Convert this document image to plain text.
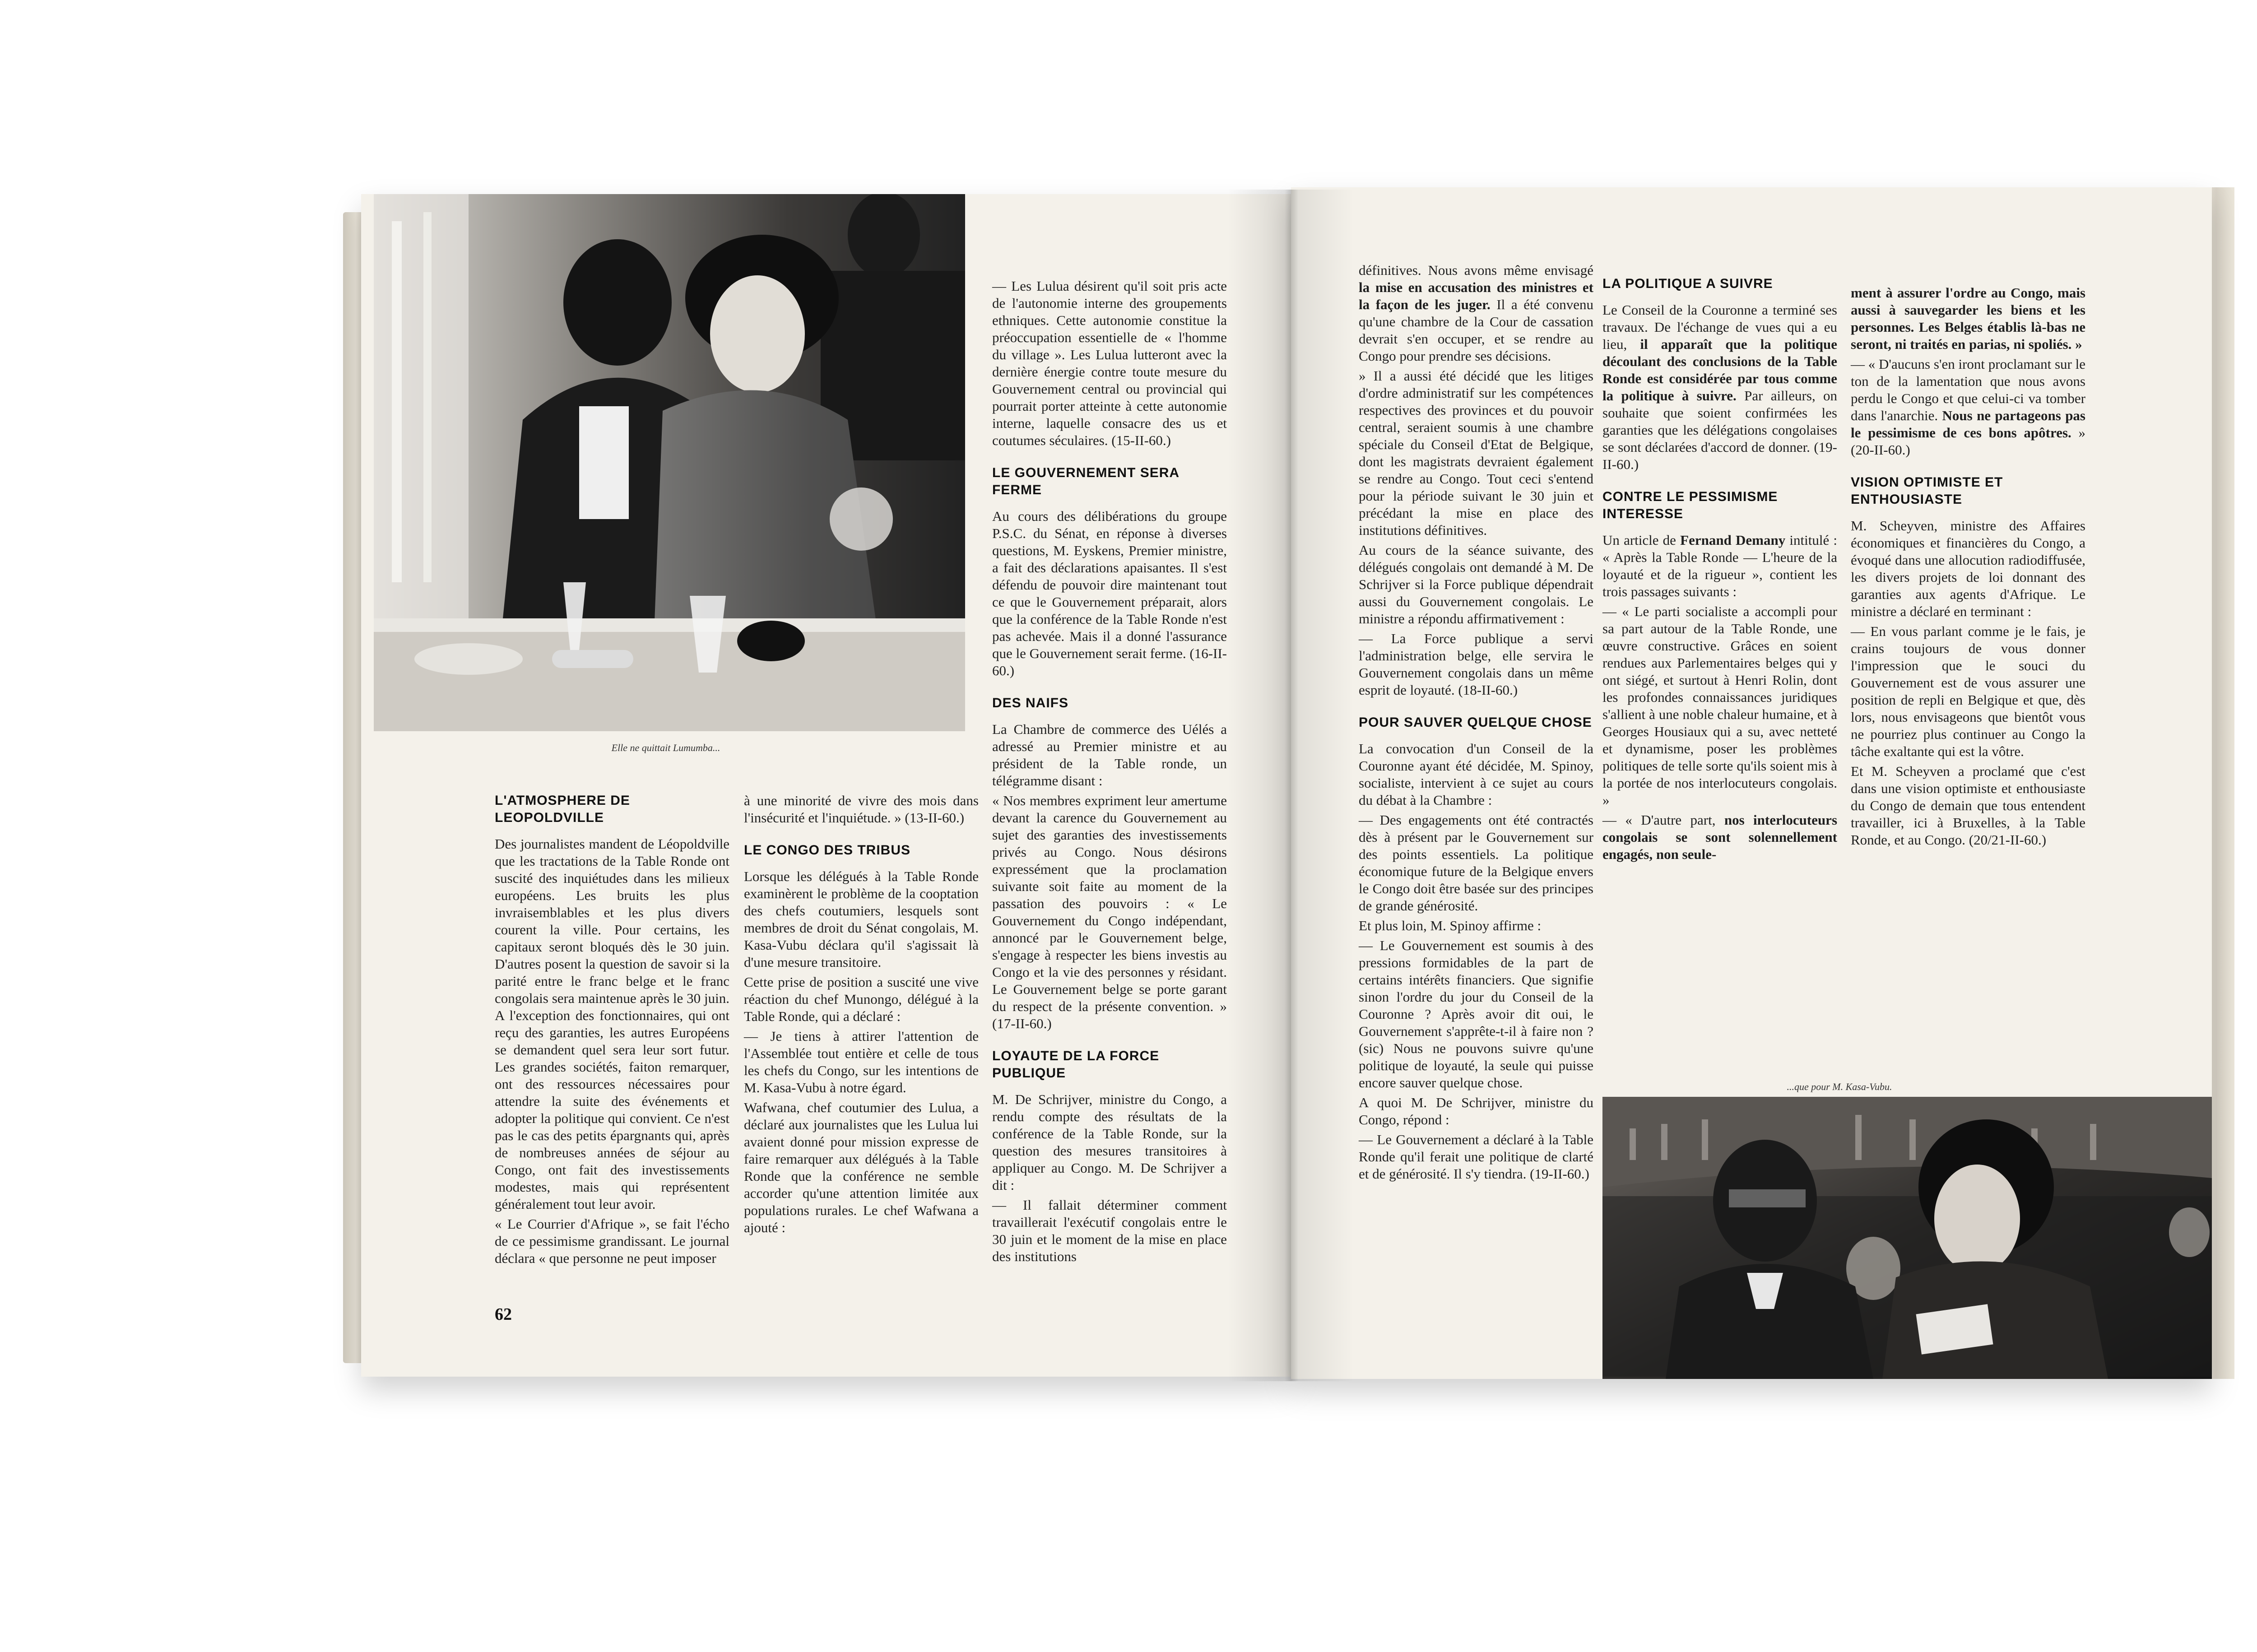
Elle ne quittait Lumumba...
L'ATMOSPHERE DE LEOPOLDVILLE

Des journalistes mandent de Léopoldville que les tractations de la Table Ronde ont suscité des inquiétudes dans les milieux européens. Les bruits les plus invraisemblables et les plus divers courent la ville. Pour certains, les capitaux seront bloqués dès le 30 juin. D'autres posent la question de savoir si la parité entre le franc belge et le franc congolais sera maintenue après le 30 juin. A l'exception des fonctionnaires, qui ont reçu des garanties, les autres Européens se demandent quel sera leur sort futur. Les grandes sociétés, faiton remarquer, ont des ressources nécessaires pour attendre la suite des événements et adopter la politique qui convient. Ce n'est pas le cas des petits épargnants qui, après de nombreuses années de séjour au Congo, ont fait des investissements modestes, mais qui représentent généralement tout leur avoir.

« Le Courrier d'Afrique », se fait l'écho de ce pessimisme grandissant. Le journal déclara « que personne ne peut imposer

à une minorité de vivre des mois dans l'insécurité et l'inquiétude. » (13-II-60.)

LE CONGO DES TRIBUS

Lorsque les délégués à la Table Ronde examinèrent le problème de la cooptation des chefs coutumiers, lesquels sont membres de droit du Sénat congolais, M. Kasa-Vubu déclara qu'il s'agissait là d'une mesure transitoire.

Cette prise de position a suscité une vive réaction du chef Munongo, délégué à la Table Ronde, qui a déclaré :

— Je tiens à attirer l'attention de l'Assemblée tout entière et celle de tous les chefs du Congo, sur les intentions de M. Kasa-Vubu à notre égard.

Wafwana, chef coutumier des Lulua, a déclaré aux journalistes que les Lulua lui avaient donné pour mission expresse de faire remarquer aux délégués à la Table Ronde que la conférence ne semble accorder qu'une attention limitée aux populations rurales. Le chef Wafwana a ajouté :

— Les Lulua désirent qu'il soit pris acte de l'autonomie interne des groupements ethniques. Cette autonomie constitue la préoccupation essentielle de « l'homme du village ». Les Lulua lutteront avec la dernière énergie contre toute mesure du Gouvernement central ou provincial qui pourrait porter atteinte à cette autonomie interne, laquelle consacre des us et coutumes séculaires. (15-II-60.)

LE GOUVERNEMENT SERA FERME

Au cours des délibérations du groupe P.S.C. du Sénat, en réponse à diverses questions, M. Eyskens, Premier ministre, a fait des déclarations apaisantes. Il s'est défendu de pouvoir dire maintenant tout ce que le Gouvernement préparait, alors que la conférence de la Table Ronde n'est pas achevée. Mais il a donné l'assurance que le Gouvernement serait ferme. (16-II-60.)

DES NAIFS

La Chambre de commerce des Uélés a adressé au Premier ministre et au président de la Table ronde, un télégramme disant :

« Nos membres expriment leur amertume devant la carence du Gouvernement au sujet des garanties des investissements privés au Congo. Nous désirons expressément que la proclamation suivante soit faite au moment de la passation des pouvoirs : « Le Gouvernement du Congo indépendant, annoncé par le Gouvernement belge, s'engage à respecter les biens investis au Congo et la vie des personnes y résidant. Le Gouvernement belge se porte garant du respect de la présente convention. » (17-II-60.)

LOYAUTE DE LA FORCE PUBLIQUE

M. De Schrijver, ministre du Congo, a rendu compte des résultats de la conférence de la Table Ronde, sur la question des mesures transitoires à appliquer au Congo. M. De Schrijver a dit :

— Il fallait déterminer comment travaillerait l'exécutif congolais entre le 30 juin et le moment de la mise en place des institutions

62

définitives. Nous avons même envisagé la mise en accusation des ministres et la façon de les juger. Il a été convenu qu'une chambre de la Cour de cassation devrait s'en occuper, et se rendre au Congo pour prendre ses décisions.

» Il a aussi été décidé que les litiges d'ordre administratif sur les compétences respectives des provinces et du pouvoir central, seraient soumis à une chambre spéciale du Conseil d'Etat de Belgique, dont les magistrats devraient également se rendre au Congo. Tout ceci s'entend pour la période suivant le 30 juin et précédant la mise en place des institutions définitives.

Au cours de la séance suivante, des délégués congolais ont demandé à M. De Schrijver si la Force publique dépendrait aussi du Gouvernement congolais. Le ministre a répondu affirmativement :

— La Force publique a servi l'administration belge, elle servira le Gouvernement congolais dans un même esprit de loyauté. (18-II-60.)

POUR SAUVER QUELQUE CHOSE

La convocation d'un Conseil de la Couronne ayant été décidée, M. Spinoy, socialiste, intervient à ce sujet au cours du débat à la Chambre :

— Des engagements ont été contractés dès à présent par le Gouvernement sur des points essentiels. La politique économique future de la Belgique envers le Congo doit être basée sur des principes de grande générosité.

Et plus loin, M. Spinoy affirme :

— Le Gouvernement est soumis à des pressions formidables de la part de certains intérêts financiers. Que signifie sinon l'ordre du jour du Conseil de la Couronne ? Après avoir dit oui, le Gouvernement s'apprête-t-il à faire non ? (sic) Nous ne pouvons suivre qu'une politique de loyauté, la seule qui puisse encore sauver quelque chose.

A quoi M. De Schrijver, ministre du Congo, répond :

— Le Gouvernement a déclaré à la Table Ronde qu'il ferait une politique de clarté et de générosité. Il s'y tiendra. (19-II-60.)

LA POLITIQUE A SUIVRE

Le Conseil de la Couronne a terminé ses travaux. De l'échange de vues qui a eu lieu, il apparaît que la politique découlant des conclusions de la Table Ronde est considérée par tous comme la politique à suivre. Par ailleurs, on souhaite que soient confirmées les garanties que les délégations congolaises se sont déclarées d'accord de donner. (19-II-60.)

CONTRE LE PESSIMISME INTERESSE

Un article de Fernand Demany intitulé : « Après la Table Ronde — L'heure de la loyauté et de la rigueur », contient les trois passages suivants :

— « Le parti socialiste a accompli pour sa part autour de la Table Ronde, une œuvre constructive. Grâces en soient rendues aux Parlementaires belges qui y ont siégé, et surtout à Henri Rolin, dont les profondes connaissances juridiques s'allient à une noble chaleur humaine, et à Georges Housiaux qui a su, avec netteté et dynamisme, poser les problèmes politiques de telle sorte qu'ils soient mis à la portée de nos interlocuteurs congolais. »

— « D'autre part, nos interlocuteurs congolais se sont solennellement engagés, non seule-

ment à assurer l'ordre au Congo, mais aussi à sauvegarder les biens et les personnes. Les Belges établis là-bas ne seront, ni traités en parias, ni spoliés. »

— « D'aucuns s'en iront proclamant sur le ton de la lamentation que nous avons perdu le Congo et que celui-ci va tomber dans l'anarchie. Nous ne partageons pas le pessimisme de ces bons apôtres. » (20-II-60.)

VISION OPTIMISTE ET ENTHOUSIASTE

M. Scheyven, ministre des Affaires économiques et financières du Congo, a évoqué dans une allocution radiodiffusée, les divers projets de loi donnant des garanties aux agents d'Afrique. Le ministre a déclaré en terminant :

— En vous parlant comme je le fais, je crains toujours de vous donner l'impression que le souci du Gouvernement est de vous assurer une position de repli en Belgique et que, dès lors, nous envisageons que bientôt vous ne pourriez plus continuer au Congo la tâche exaltante qui est la vôtre.

Et M. Scheyven a proclamé que c'est dans une vision optimiste et enthousiaste du Congo de demain que tous entendent travailler, ici à Bruxelles, à la Table Ronde, et au Congo. (20/21-II-60.)

...que pour M. Kasa-Vubu.
